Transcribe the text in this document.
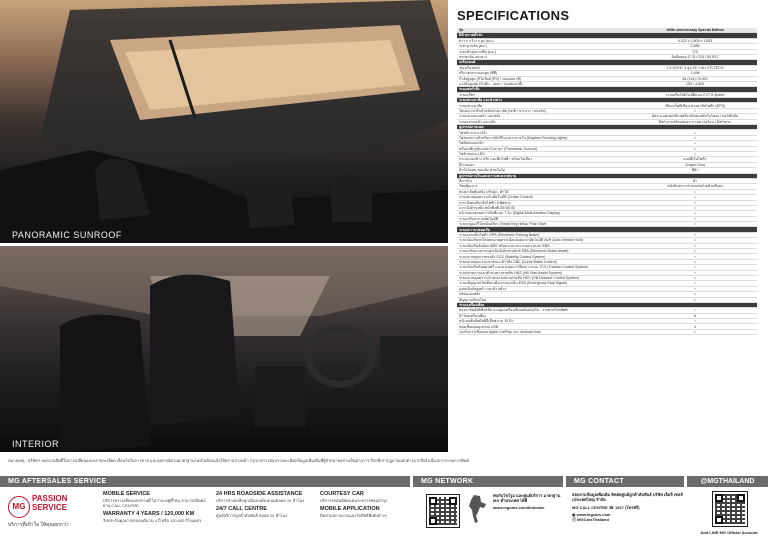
PANORAMIC SUNROOF
INTERIOR
SPECIFICATIONS
รุ่น	100th Anniversary Special Edition
มิติ ขนาดตัวรถ	
ยาว x กว้าง x สูง (มม.)	4,323 x 1,809 x 1,653
ระยะฐานล้อ (มม.)	2,585
ระยะต่ำสุดจากพื้น (มม.)	170
กระทะล้อ และยาง	ล้ออัลลอย 17 นิ้ว 215 / 55 R17
เครื่องยนต์	
รุ่นเครื่องยนต์	1.5 DOHC 4 สูบ 16 วาล์ว VTI-TECH
ปริมาตรกระบอกสูบ (ซีซี)	1,498
กำลังสูงสุด (กิโลวัตต์ (PS) / รอบต่อนาที)	84 (114) / 6,000
แรงบิดสูงสุด (นิวตัน - เมตร / รอบต่อนาที)	150 / 4,500
ระบบส่งกำลัง	
ระบบเกียร์	ระบบเกียร์อัตโนมัติแบบ CVT 8 Speed
ระบบพวงมาลัย และช่วงล่าง	
ระบบพวงมาลัย	เฟืองแร็คพิเนียน พวงมาลัยไฟฟ้า (EPS)
โหมดการปรับน้ำหนักพวงมาลัย (ปกติ / ขาเบาะ / สปอร์ต)	•
ระบบช่วงล่างหน้า และหลัง	อิสระแมคเฟอร์สันสตรัท พร้อมเหล็กกันโคลง / ทอร์ชั่นบีม
ระบบเบรกหน้า และหลัง	ดิสก์เบรกพร้อมช่องระบายความร้อน / ดิสก์เบรก
อุปกรณ์ภายนอก	
ไฟหน้าระบบ LED	•
ไฟส่องสว่างสำหรับการขับขี่ในเวลากลางวัน (Daytime Running Lights)	•
ไฟตัดหมอกหน้า	•
หลังคาซันรูฟแบบพาโนรามา (Panoramic Sunroof)	•
ไฟท้ายแบบ LED	•
กระจกมองข้าง ปรับ และพับไฟฟ้า พร้อมไฟเลี้ยว	แบบสีเงินไฟฟ้า
สีภายนอก	Crayon Grey
คิ้วบังโคลน ขอบล้อ ชายบันได	สีดำ
อุปกรณ์ภายในและความสะดวกสบาย	
สีภายใน	ดำ
วัสดุหุ้มเบาะ	หนังสังเคราะห์ ตกแต่งด้วยด้ายสีแดง
พวงมาลัยหุ้มหนัง ปรับสูง - ต่ำได้	•
ระบบควบคุมความเร็วอัตโนมัติ (Cruise Control)	•
เบาะนั่งคนขับปรับไฟฟ้า 6 ทิศทาง	•
เบาะนั่งด้านหลัง พนักพิงพับได้ 60:40	•
หน้าจอแสดงผลการขับขี่แบบ 7 นิ้ว (Digital Multi-function Display)	•
ระบบปรับอากาศอัตโนมัติ	•
ระบบกุญแจรีโมทอัจฉริยะ (Smart Key) พร้อม Push Start	•
ระบบความปลอดภัย	
ระบบเบรกมือไฟฟ้า EPB (Electronic Parking Brake)	•
ระบบป้องกันรถไหลขณะหยุดรถเมื่อปล่อยเบรกอัตโนมัติ AVH (Auto Vehicle Hold)	•
ระบบป้องกันล้อล็อก ABS พร้อมระบบกระจายแรงเบรก EBD	•
ระบบเสริมแรงเบรกฉุกเฉินอิเล็กทรอนิกส์ EBA (Electronic Brake Assist)	•
ระบบควบคุมการทรงตัว SCS (Stability Control System)	•
ระบบควบคุมการเบรกขณะเข้าโค้ง CBC (Curve Brake Control)	•
ระบบป้องกันล้อหมุนฟรี และควบคุมการยึดเกาะถนน TCS (Traction Control System)	•
ระบบช่วยการออกตัวบนทางลาดชัน HAS (Hill Start Assist System)	•
ระบบควบคุมความเร็วขณะลงทางลาดชัน HDC (Hill Descent Control System)	•
ระบบสัญญาณไฟเตือนเมื่อเบรกฉุกเฉิน ESS (Emergency Stop Signal)	•
ถุงลมนิรภัยคู่หน้า และด้านข้าง	•
กล้องมองหลัง	•
สัญญาณกันขโมย	•
ระบบเครื่องเสียง	
พวงมาลัยมัลติฟังก์ชั่น ควบคุมเครื่องเสียงพร้อมปุ่มรับ - วางสายโทรศัพท์	•
ลำโพงเครื่องเสียง	6
หน้าจอสัมผัสมัลติมีเดียขนาด 10 นิ้ว	•
ช่องเชื่อมต่ออุปกรณ์ USB	3
รองรับการเชื่อมต่อ Apple CarPlay และ Android Auto	•
หมายเหตุ : บริษัทฯ ขอสงวนสิทธิ์ในการเปลี่ยนแปลงรายละเอียด เงื่อนไขในการขาย และอุปกรณ์ตามมาตรฐานโดยไม่ต้องแจ้งให้ทราบล่วงหน้า กรุณาตรวจสอบรายละเอียดข้อมูลเพิ่มเติมที่ผู้จำหน่ายอย่างเป็นทางการ สีรถที่ปรากฏอาจแตกต่างจากสีจริงเนื่องจากระบบการพิมพ์
MG AFTERSALES SERVICE	MG NETWORK	MG CONTACT	@MGTHAILAND
MG
PASSION SERVICE
บริการที่เข้าใจ ให้คุณยกกว่า
MOBILE SERVICE
บริการตรวจเช็คนอกสถานที่ ไม่ว่าจะอยู่ที่ไหน สามารถติดต่อผ่าน CALL CENTRE
WARRANTY 4 YEARS / 120,000 KM
รับประกันคุณภาพรถยนต์นาน 4 ปี หรือ 120,000 กิโลเมตร
24 HRS ROADSIDE ASSISTANCE
บริการช่วยเหลือฉุกเฉินบนท้องถนนตลอด 24 ชั่วโมง
24/7 CALL CENTRE
ศูนย์บริการลูกค้าสัมพันธ์ ตลอด 24 ชั่วโมง
COURTESY CAR
บริการรถยนต์ทดแทนระหว่างซ่อมบำรุง
MOBILE APPLICATION
ติดตามสถานะรถและรับสิทธิพิเศษต่างๆ
พบกับโชว์รูม และศูนย์บริการ มาตรฐาน MG ทั่วประเทศ ได้ที่
www.mgcars.com/th/dealer
สอบถามข้อมูลเพิ่มเติม ติดต่อศูนย์ลูกค้าสัมพันธ์ บริษัท เอ็มจี เซลส์ (ประเทศไทย) จำกัด
MG CALL CENTRE ☎ 1267 (โทรฟรี)
◉ www.mgcars.com
ⓕ MGCarsThailand
Add LINE MG Official Account
